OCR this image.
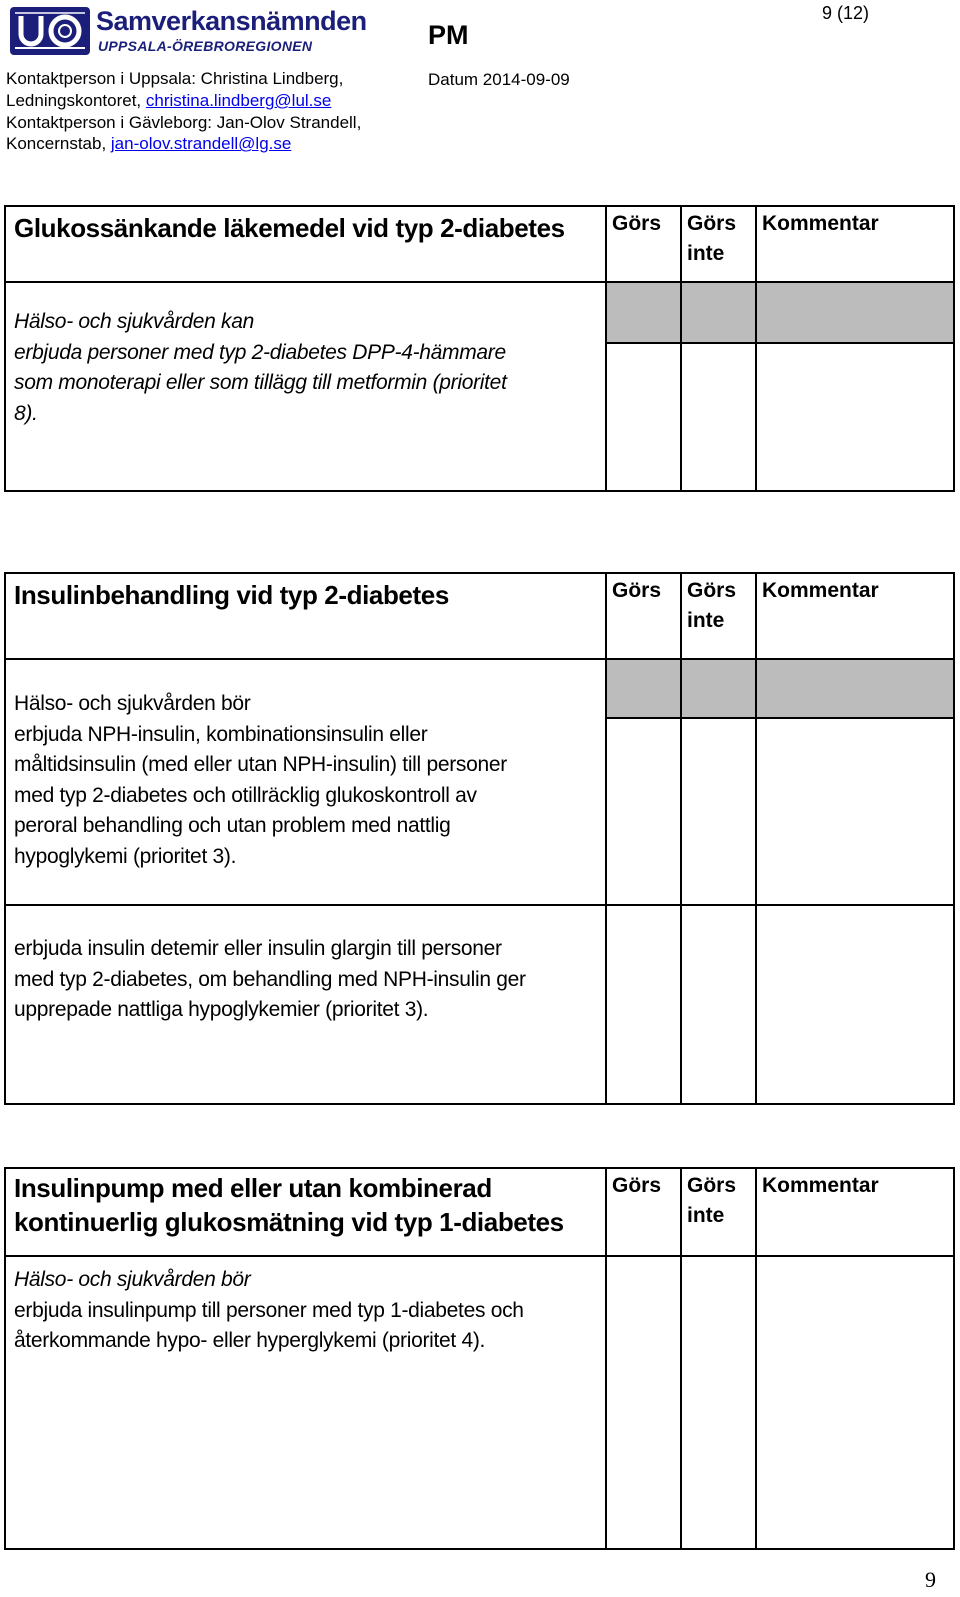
Samverkansnämnden
UPPSALA-ÖREBROREGIONEN	PM
9 (12)
Datum 2014-09-09
Kontaktperson i Uppsala: Christina Lindberg,
Ledningskontoret, christina.lindberg@lul.se
Kontaktperson i Gävleborg: Jan-Olov Strandell,
Koncernstab, jan-olov.strandell@lg.se
Glukossänkande läkemedel vid typ 2-diabetes Görs Görs
inte
Kommentar
Hälso- och sjukvården kan
erbjuda personer med typ 2-diabetes DPP-4-hämmare
som monoterapi eller som tillägg till metformin (prioritet
8).
Insulinbehandling vid typ 2-diabetes	Görs Görs
inte
Kommentar
Hälso- och sjukvården bör
erbjuda NPH-insulin, kombinationsinsulin eller
måltidsinsulin (med eller utan NPH-insulin) till personer
med typ 2-diabetes och otillräcklig glukoskontroll av
peroral behandling och utan problem med nattlig
hypoglykemi (prioritet 3).
erbjuda insulin detemir eller insulin glargin till personer
med typ 2-diabetes, om behandling med NPH-insulin ger
upprepade nattliga hypoglykemier (prioritet 3).
Insulinpump med eller utan kombinerad
kontinuerlig glukosmätning vid typ 1-diabetes
Görs Görs
inte
Kommentar
Hälso- och sjukvården bör
erbjuda insulinpump till personer med typ 1-diabetes och
återkommande hypo- eller hyperglykemi (prioritet 4).
9
